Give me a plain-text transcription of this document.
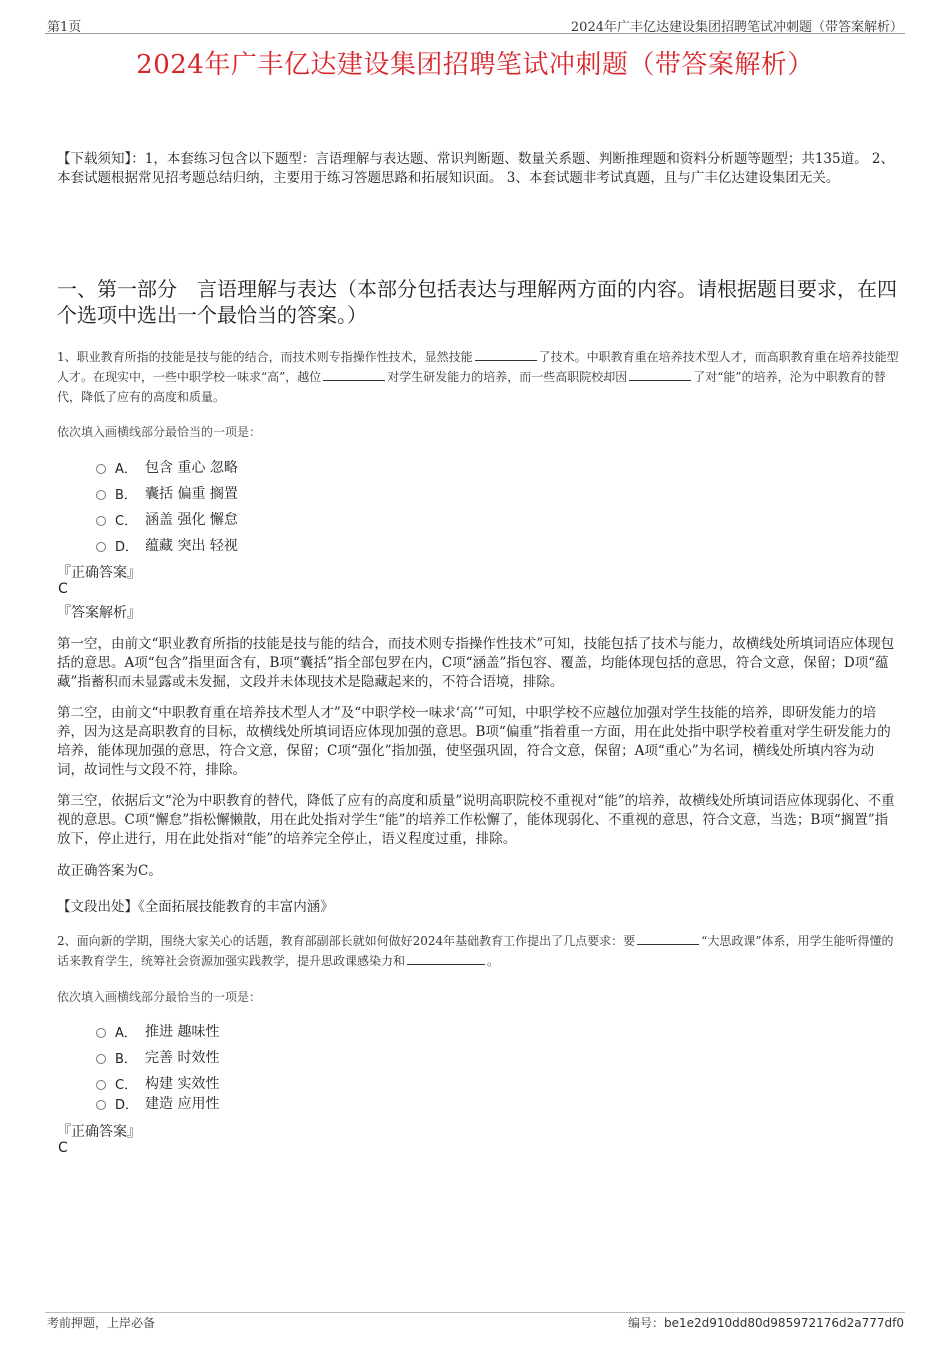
第1页	2024年广丰亿达建设集团招聘笔试冲刺题（带答案解析）
2024年广丰亿达建设集团招聘笔试冲刺题（带答案解析）
【下载须知】：1，本套练习包含以下题型：言语理解与表达题、常识判断题、数量关系题、判断推理题和资料分析题等题型；共135道。 2、本套试题根据常见招考题总结归纳，主要用于练习答题思路和拓展知识面。 3、本套试题非考试真题，且与广丰亿达建设集团无关。
一、第一部分　言语理解与表达（本部分包括表达与理解两方面的内容。请根据题目要求，在四个选项中选出一个最恰当的答案。）
1、职业教育所指的技能是技与能的结合，而技术则专指操作性技术，显然技能	了技术。中职教育重在培养技术型人才，而高职教育重在培养技能型人才。在现实中，一些中职学校一味求“高”，越位	对学生研发能力的培养，而一些高职院校却因	了对“能”的培养，沦为中职教育的替代，降低了应有的高度和质量。
依次填入画横线部分最恰当的一项是：
A． 包含 重心 忽略
B． 囊括 偏重 搁置
C． 涵盖 强化 懈怠
D． 蕴藏 突出 轻视
『正确答案』
C
『答案解析』
第一空，由前文“职业教育所指的技能是技与能的结合，而技术则专指操作性技术”可知，技能包括了技术与能力，故横线处所填词语应体现包括的意思。A项“包含”指里面含有，B项“囊括”指全部包罗在内，C项“涵盖”指包容、覆盖，均能体现包括的意思，符合文意，保留；D项“蕴藏”指蓄积而未显露或未发掘，文段并未体现技术是隐藏起来的，不符合语境，排除。
第二空，由前文“中职教育重在培养技术型人才”及“中职学校一味求‘高’”可知，中职学校不应越位加强对学生技能的培养，即研发能力的培养，因为这是高职教育的目标，故横线处所填词语应体现加强的意思。B项“偏重”指着重一方面，用在此处指中职学校着重对学生研发能力的培养，能体现加强的意思，符合文意，保留；C项“强化”指加强，使坚强巩固，符合文意，保留；A项“重心”为名词，横线处所填内容为动词，故词性与文段不符，排除。
第三空，依据后文“沦为中职教育的替代，降低了应有的高度和质量”说明高职院校不重视对“能”的培养，故横线处所填词语应体现弱化、不重视的意思。C项“懈怠”指松懈懒散，用在此处指对学生“能”的培养工作松懈了，能体现弱化、不重视的意思，符合文意，当选；B项“搁置”指放下，停止进行，用在此处指对“能”的培养完全停止，语义程度过重，排除。
故正确答案为C。
【文段出处】《全面拓展技能教育的丰富内涵》
2、面向新的学期，围绕大家关心的话题，教育部副部长就如何做好2024年基础教育工作提出了几点要求：要	“大思政课”体系，用学生能听得懂的话来教育学生，统筹社会资源加强实践教学，提升思政课感染力和	。
依次填入画横线部分最恰当的一项是：
A． 推进 趣味性
B． 完善 时效性
C． 构建 实效性
D． 建造 应用性
『正确答案』
C
考前押题，上岸必备	编号：be1e2d910dd80d985972176d2a777df0
